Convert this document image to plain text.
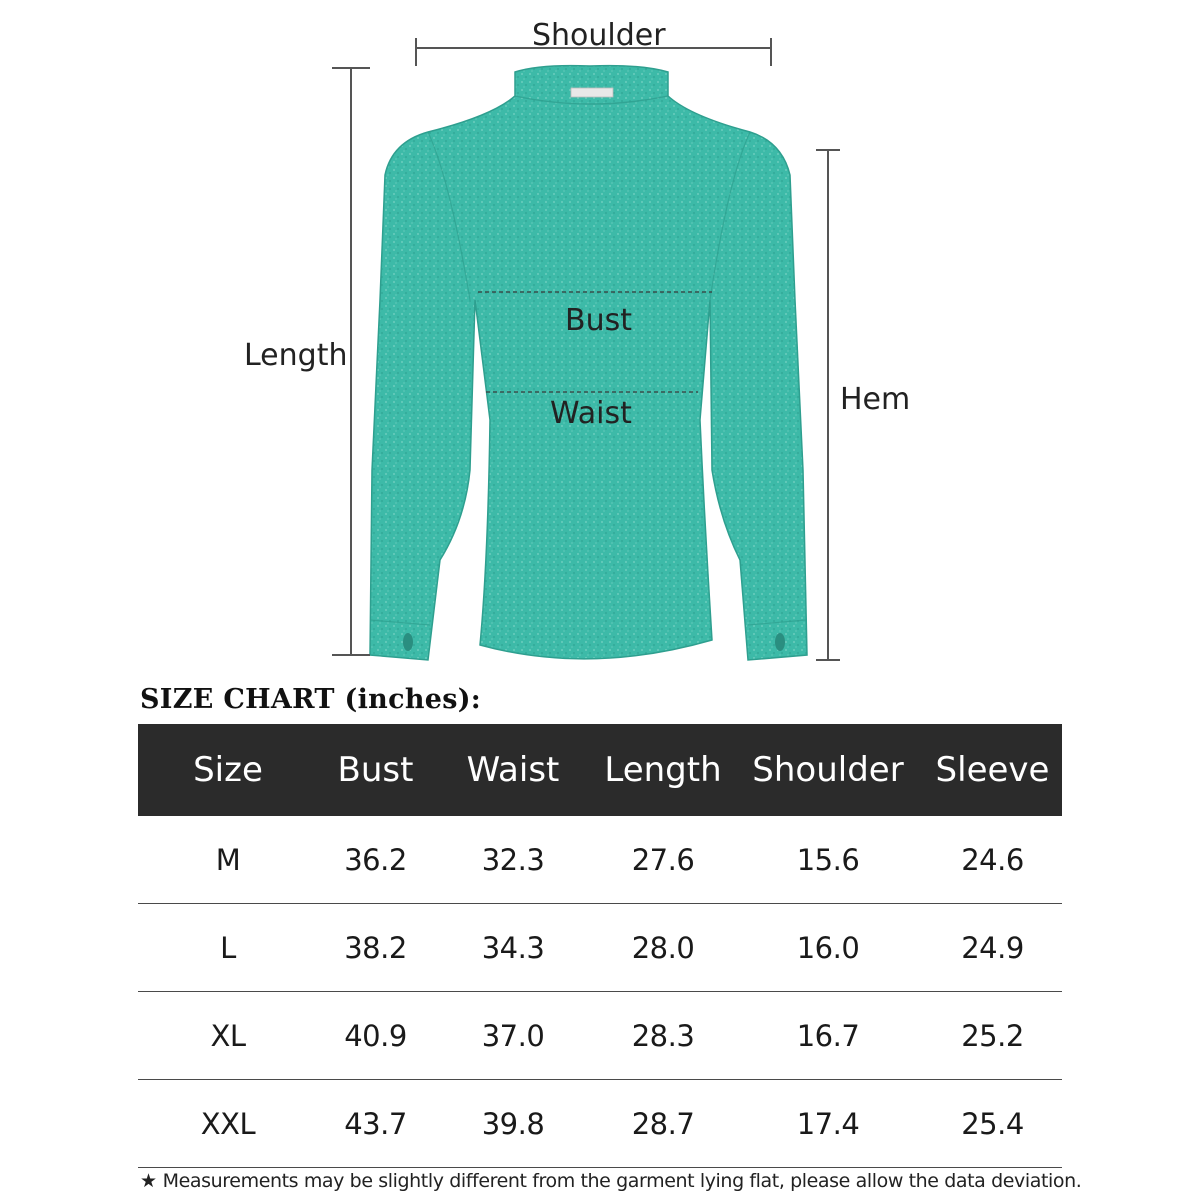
Shoulder
Length
Bust
Waist	Hem
SIZE CHART (inches):
Size	Bust	Waist	Length	Shoulder	Sleeve
M	36.2	32.3	27.6	15.6	24.6
L	38.2	34.3	28.0	16.0	24.9
XL	40.9	37.0	28.3	16.7	25.2
XXL	43.7	39.8	28.7	17.4	25.4
★ Measurements may be slightly different from the garment lying flat, please allow the data deviation.
